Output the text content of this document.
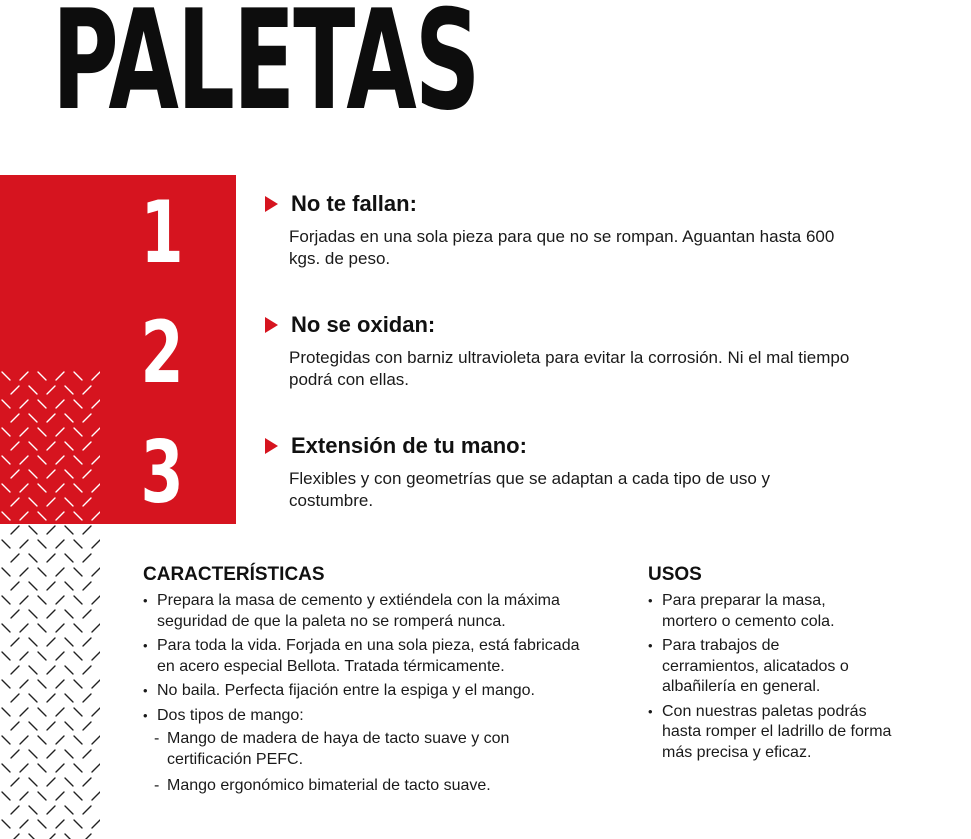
PALETAS
1
2
3
No te fallan:
Forjadas en una sola pieza para que no se rompan. Aguantan hasta 600 kgs. de peso.
No se oxidan:
Protegidas con barniz ultravioleta para evitar la corrosión. Ni el mal tiempo podrá con ellas.
Extensión de tu mano:
Flexibles y con geometrías que se adaptan a cada tipo de uso y costumbre.
CARACTERÍSTICAS
• Prepara la masa de cemento y extiéndela con la máxima seguridad de que la paleta no se romperá nunca.
• Para toda la vida. Forjada en una sola pieza, está fabricada en acero especial Bellota. Tratada térmicamente.
• No baila. Perfecta fijación entre la espiga y el mango.
• Dos tipos de mango:
- Mango de madera de haya de tacto suave y con certificación PEFC.
- Mango ergonómico bimaterial de tacto suave.
USOS
• Para preparar la masa, mortero o cemento cola.
• Para trabajos de cerramientos, alicatados o albañilería en general.
• Con nuestras paletas podrás hasta romper el ladrillo de forma más precisa y eficaz.
